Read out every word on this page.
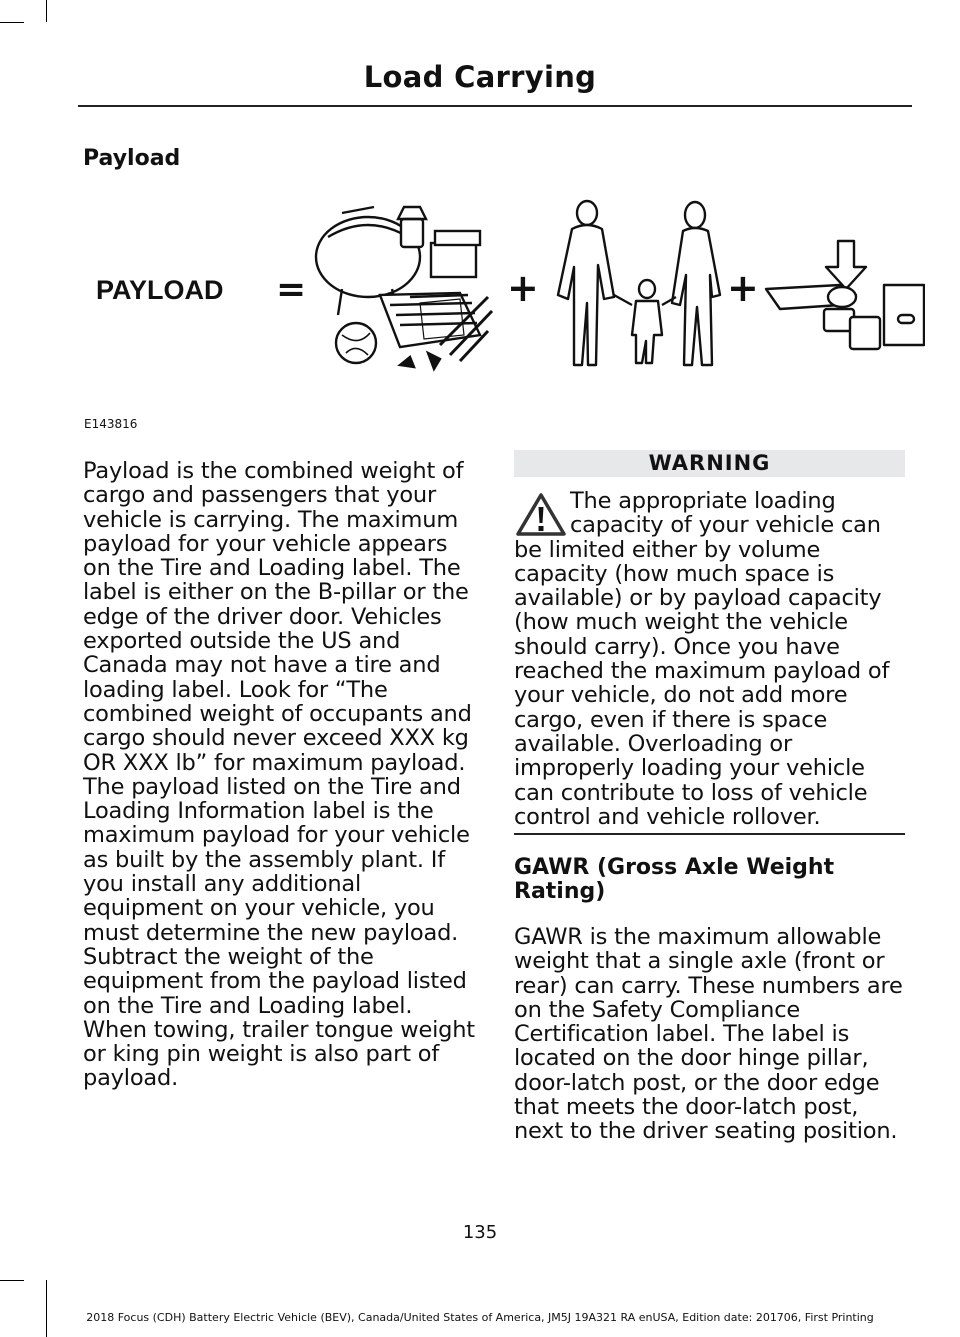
Load Carrying
Payload
PAYLOAD =	+	+
E143816

Payload is the combined weight of cargo and passengers that your vehicle is carrying. The maximum payload for your vehicle appears on the Tire and Loading label. The label is either on the B-pillar or the edge of the driver door. Vehicles exported outside the US and Canada may not have a tire and loading label. Look for “The combined weight of occupants and cargo should never exceed XXX kg OR XXX lb” for maximum payload. The payload listed on the Tire and Loading Information label is the maximum payload for your vehicle as built by the assembly plant. If you install any additional equipment on your vehicle, you must determine the new payload. Subtract the weight of the equipment from the payload listed on the Tire and Loading label. When towing, trailer tongue weight or king pin weight is also part of payload.

WARNING
The appropriate loading capacity of your vehicle can be limited either by volume capacity (how much space is available) or by payload capacity (how much weight the vehicle should carry). Once you have reached the maximum payload of your vehicle, do not add more cargo, even if there is space available. Overloading or improperly loading your vehicle can contribute to loss of vehicle control and vehicle rollover.
GAWR (Gross Axle Weight Rating)

GAWR is the maximum allowable weight that a single axle (front or rear) can carry. These numbers are on the Safety Compliance Certification label. The label is located on the door hinge pillar, door-latch post, or the door edge that meets the door-latch post, next to the driver seating position.

135
2018 Focus (CDH) Battery Electric Vehicle (BEV), Canada/United States of America, JM5J 19A321 RA enUSA, Edition date: 201706, First Printing
